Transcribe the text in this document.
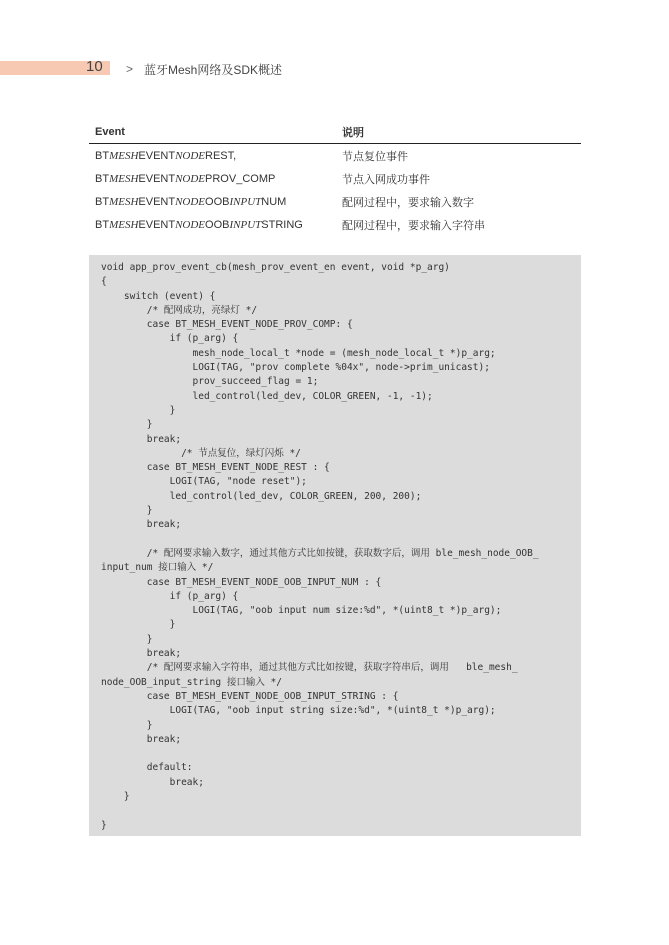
10 > 蓝牙Mesh网络及SDK概述
Event	说明
BTMESHEVENTNODEREST,	节点复位事件
BTMESHEVENTNODEPROV_COMP	节点入网成功事件
BTMESHEVENTNODEOOBINPUTNUM	配网过程中，要求输入数字
BTMESHEVENTNODEOOBINPUTSTRING	配网过程中，要求输入字符串
void app_prov_event_cb(mesh_prov_event_en event, void *p_arg)
{
switch (event) {
/* 配网成功，亮绿灯 */
case BT_MESH_EVENT_NODE_PROV_COMP: {
if (p_arg) {
mesh_node_local_t *node = (mesh_node_local_t *)p_arg;
LOGI(TAG, "prov complete %04x", node->prim_unicast);
prov_succeed_flag = 1;
led_control(led_dev, COLOR_GREEN, -1, -1);
}
}
break;
/* 节点复位，绿灯闪烁 */
case BT_MESH_EVENT_NODE_REST : {
LOGI(TAG, "node reset");
led_control(led_dev, COLOR_GREEN, 200, 200);
}
break;

/* 配网要求输入数字，通过其他方式比如按键，获取数字后，调用 ble_mesh_node_OOB_
input_num 接口输入 */
case BT_MESH_EVENT_NODE_OOB_INPUT_NUM : {
if (p_arg) {
LOGI(TAG, "oob input num size:%d", *(uint8_t *)p_arg);
}
}
break;
/* 配网要求输入字符串，通过其他方式比如按键，获取字符串后，调用   ble_mesh_
node_OOB_input_string 接口输入 */
case BT_MESH_EVENT_NODE_OOB_INPUT_STRING : {
LOGI(TAG, "oob input string size:%d", *(uint8_t *)p_arg);
}
break;

default:
break;
}

}
